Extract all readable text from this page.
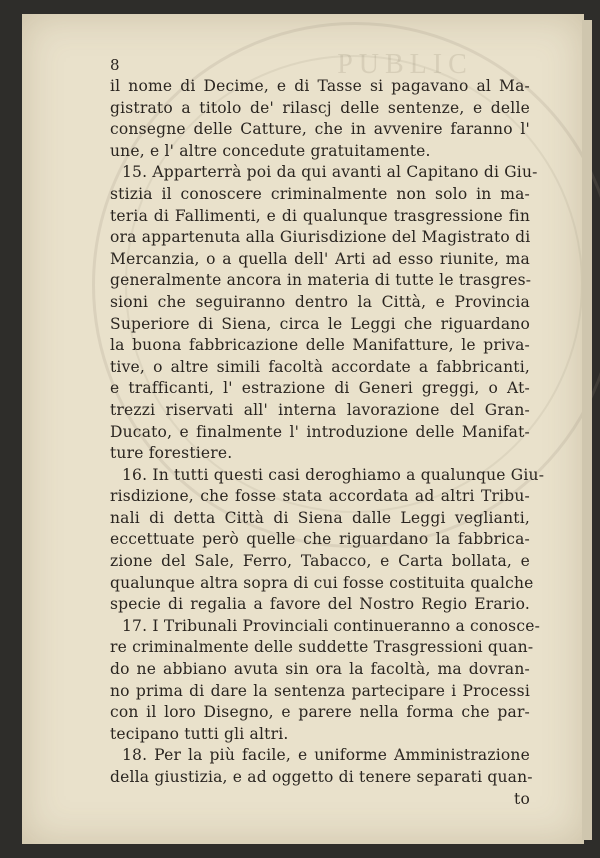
PUBLIC
8
il nome di Decime, e di Tasse si pagavano al Ma-
gistrato a titolo de' rilascj delle sentenze, e delle
consegne delle Catture, che in avvenire faranno l'
une, e l' altre concedute gratuitamente.
15. Apparterrà poi da qui avanti al Capitano di Giu-
stizia il conoscere criminalmente non solo in ma-
teria di Fallimenti, e di qualunque trasgressione fin
ora appartenuta alla Giurisdizione del Magistrato di
Mercanzia, o a quella dell' Arti ad esso riunite, ma
generalmente ancora in materia di tutte le trasgres-
sioni che seguiranno dentro la Città, e Provincia
Superiore di Siena, circa le Leggi che riguardano
la buona fabbricazione delle Manifatture, le priva-
tive, o altre simili facoltà accordate a fabbricanti,
e trafficanti, l' estrazione di Generi greggi, o At-
trezzi riservati all' interna lavorazione del Gran-
Ducato, e finalmente l' introduzione delle Manifat-
ture forestiere.
16. In tutti questi casi deroghiamo a qualunque Giu-
risdizione, che fosse stata accordata ad altri Tribu-
nali di detta Città di Siena dalle Leggi veglianti,
eccettuate però quelle che riguardano la fabbrica-
zione del Sale, Ferro, Tabacco, e Carta bollata, e
qualunque altra sopra di cui fosse costituita qualche
specie di regalia a favore del Nostro Regio Erario.
17. I Tribunali Provinciali continueranno a conosce-
re criminalmente delle suddette Trasgressioni quan-
do ne abbiano avuta sin ora la facoltà, ma dovran-
no prima di dare la sentenza partecipare i Processi
con il loro Disegno, e parere nella forma che par-
tecipano tutti gli altri.
18. Per la più facile, e uniforme Amministrazione
della giustizia, e ad oggetto di tenere separati quan-
to
